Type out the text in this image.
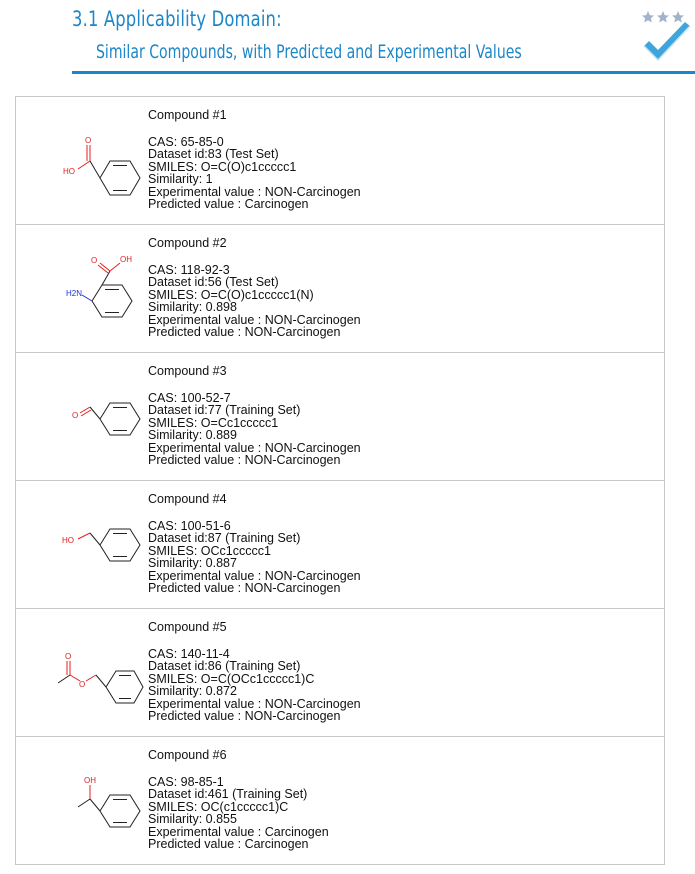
3.1 Applicability Domain:
Similar Compounds, with Predicted and Experimental Values
O
HO
Compound #1
CAS: 65-85-0
Dataset id:83 (Test Set)
SMILES: O=C(O)c1ccccc1
Similarity: 1
Experimental value : NON-Carcinogen
Predicted value : Carcinogen
O	OH
H2N
Compound #2
CAS: 118-92-3
Dataset id:56 (Test Set)
SMILES: O=C(O)c1ccccc1(N)
Similarity: 0.898
Experimental value : NON-Carcinogen
Predicted value : NON-Carcinogen
O
Compound #3
CAS: 100-52-7
Dataset id:77 (Training Set)
SMILES: O=Cc1ccccc1
Similarity: 0.889
Experimental value : NON-Carcinogen
Predicted value : NON-Carcinogen
HO
Compound #4
CAS: 100-51-6
Dataset id:87 (Training Set)
SMILES: OCc1ccccc1
Similarity: 0.887
Experimental value : NON-Carcinogen
Predicted value : NON-Carcinogen
O
O
Compound #5
CAS: 140-11-4
Dataset id:86 (Training Set)
SMILES: O=C(OCc1ccccc1)C
Similarity: 0.872
Experimental value : NON-Carcinogen
Predicted value : NON-Carcinogen
OH
Compound #6
CAS: 98-85-1
Dataset id:461 (Training Set)
SMILES: OC(c1ccccc1)C
Similarity: 0.855
Experimental value : Carcinogen
Predicted value : Carcinogen
